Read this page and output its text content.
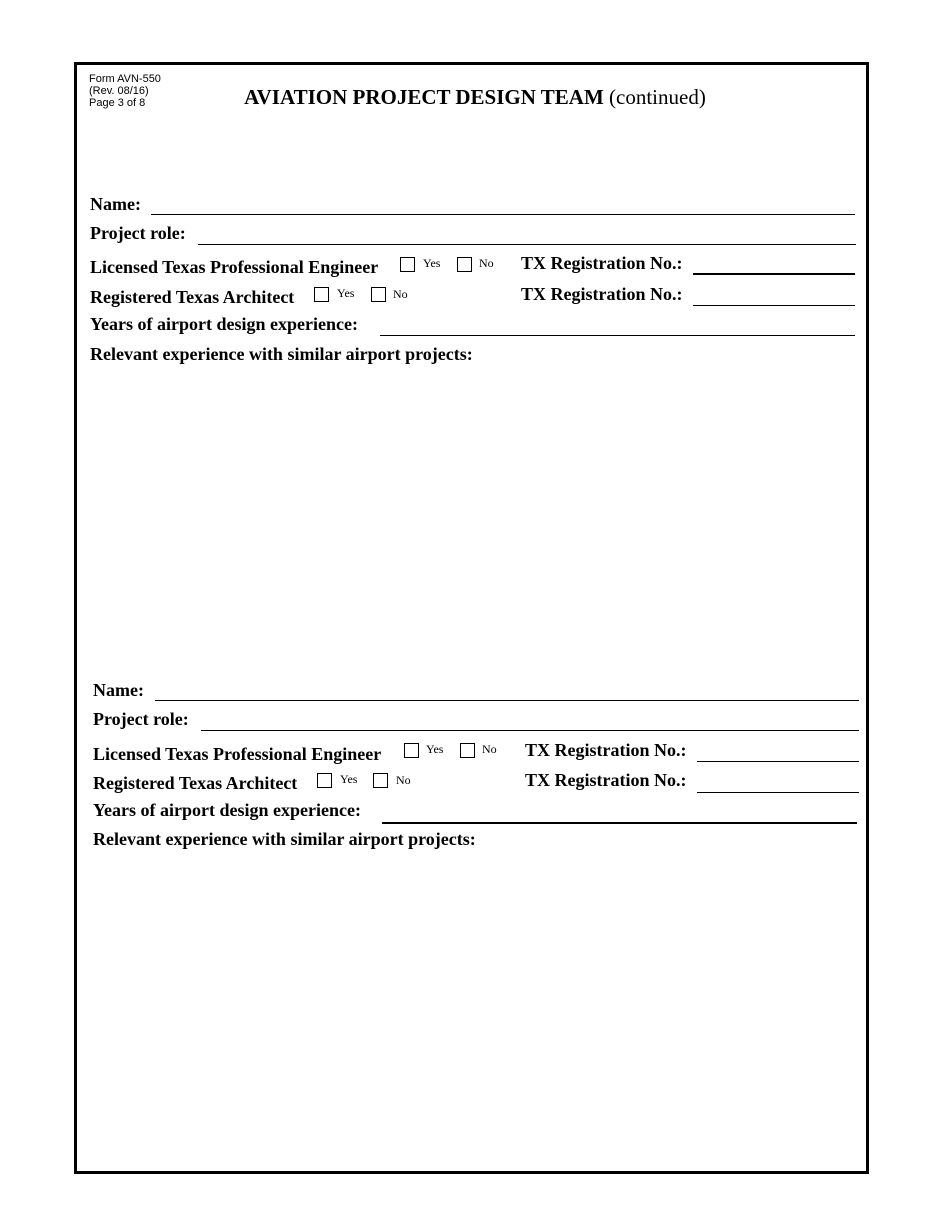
Form AVN-550
(Rev. 08/16)
Page 3 of 8	AVIATION PROJECT DESIGN TEAM (continued)
Name:
Project role:
Licensed Texas Professional Engineer	Yes	No TX Registration No.:
Registered Texas Architect	Yes	No	TX Registration No.:
Years of airport design experience:
Relevant experience with similar airport projects:
Name:
Project role:
Licensed Texas Professional Engineer	Yes	No TX Registration No.:
Registered Texas Architect	Yes	No	TX Registration No.:
Years of airport design experience:
Relevant experience with similar airport projects:
